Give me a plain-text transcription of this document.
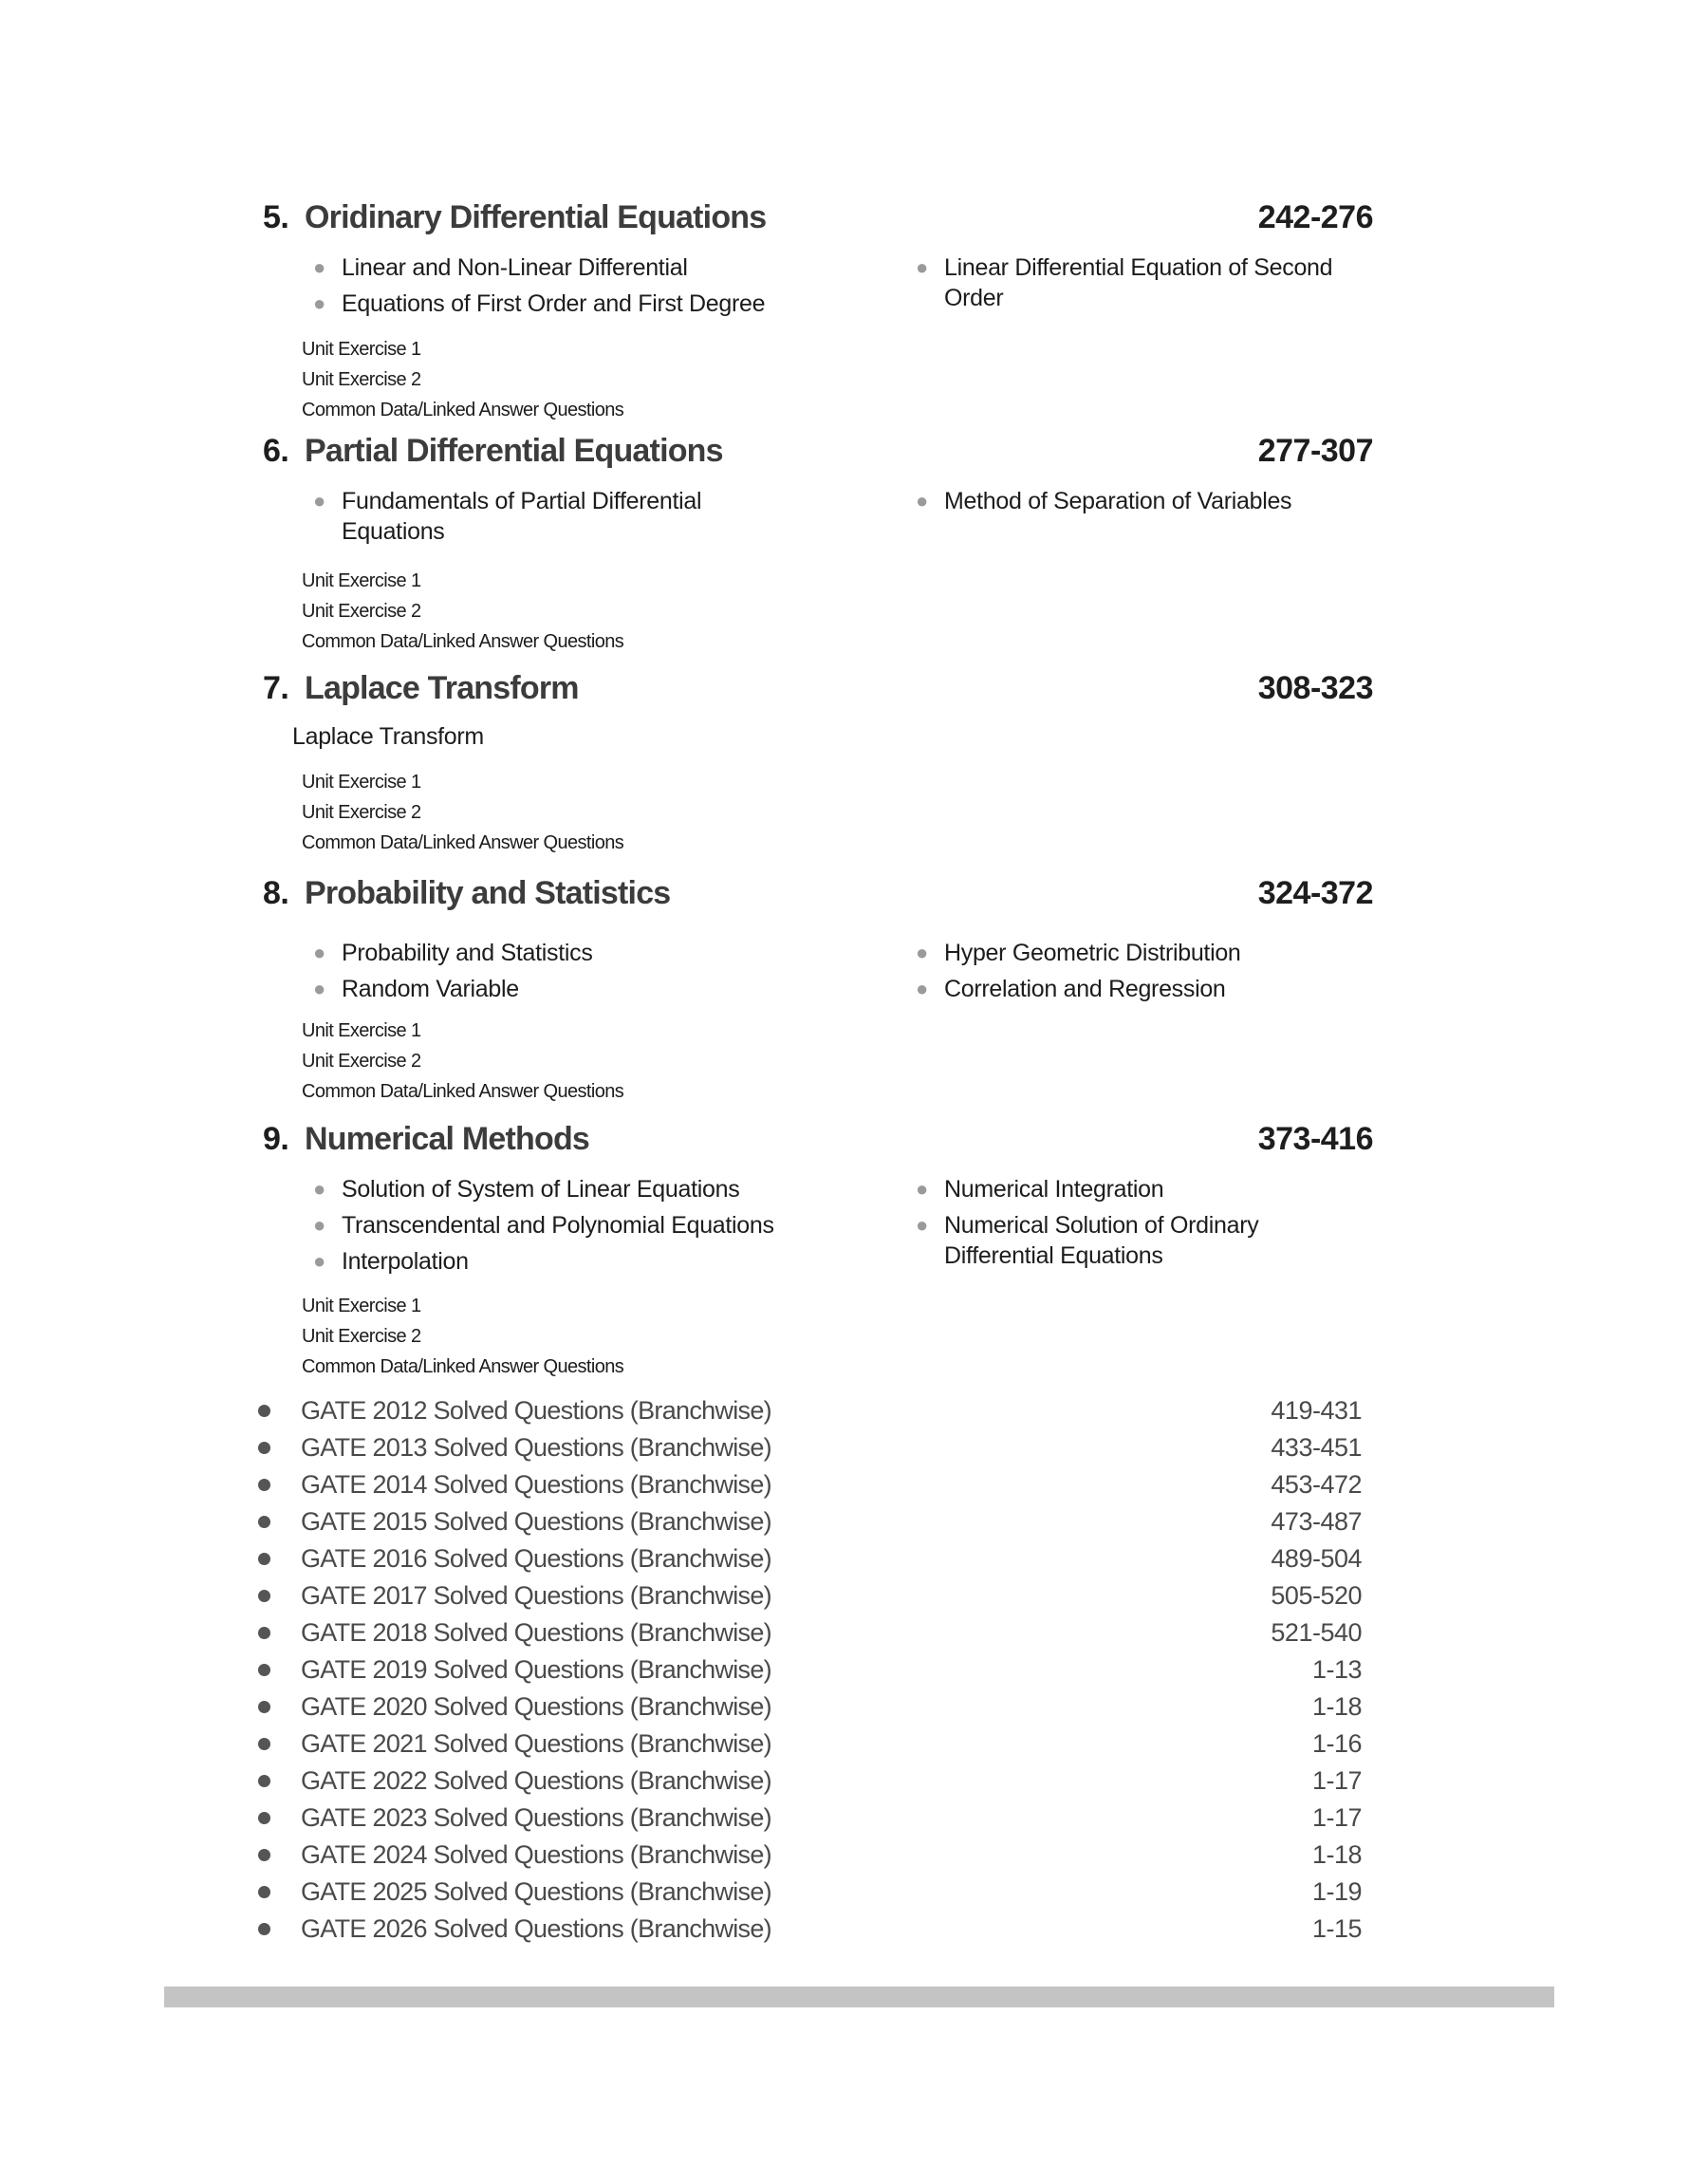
5. Oridinary Differential Equations	242-276
● Linear and Non-Linear Differential
● Equations of First Order and First Degree
● Linear Differential Equation of Second Order
Unit Exercise 1
Unit Exercise 2
Common Data/Linked Answer Questions
6. Partial Differential Equations	277-307
● Fundamentals of Partial Differential Equations
● Method of Separation of Variables
Unit Exercise 1
Unit Exercise 2
Common Data/Linked Answer Questions
7. Laplace Transform	308-323
Laplace Transform
Unit Exercise 1
Unit Exercise 2
Common Data/Linked Answer Questions
8. Probability and Statistics	324-372
● Probability and Statistics
● Random Variable
● Hyper Geometric Distribution
● Correlation and Regression
Unit Exercise 1
Unit Exercise 2
Common Data/Linked Answer Questions
9. Numerical Methods	373-416
● Solution of System of Linear Equations
● Transcendental and Polynomial Equations
● Interpolation
● Numerical Integration
● Numerical Solution of Ordinary Differential Equations
Unit Exercise 1
Unit Exercise 2
Common Data/Linked Answer Questions
GATE 2012 Solved Questions (Branchwise)	419-431
GATE 2013 Solved Questions (Branchwise)	433-451
GATE 2014 Solved Questions (Branchwise)	453-472
GATE 2015 Solved Questions (Branchwise)	473-487
GATE 2016 Solved Questions (Branchwise)	489-504
GATE 2017 Solved Questions (Branchwise)	505-520
GATE 2018 Solved Questions (Branchwise)	521-540
GATE 2019 Solved Questions (Branchwise)	1-13
GATE 2020 Solved Questions (Branchwise)	1-18
GATE 2021 Solved Questions (Branchwise)	1-16
GATE 2022 Solved Questions (Branchwise)	1-17
GATE 2023 Solved Questions (Branchwise)	1-17
GATE 2024 Solved Questions (Branchwise)	1-18
GATE 2025 Solved Questions (Branchwise)	1-19
GATE 2026 Solved Questions (Branchwise)	1-15
